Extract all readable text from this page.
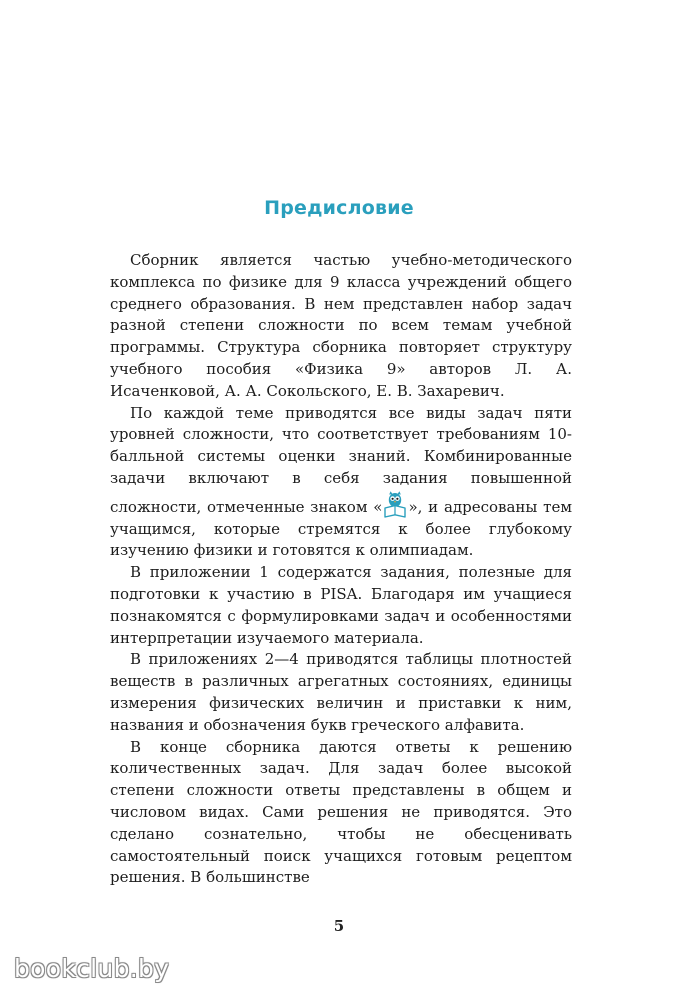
Предисловие

Сборник является частью учебно-методического комплекса по физике для 9 класса учреждений общего среднего образования. В нем представлен набор задач разной степени сложности по всем темам учебной программы. Структура сборника повторяет структуру учебного пособия «Физика 9» авторов Л. А. Исаченковой, А. А. Сокольского, Е. В. Захаревич.

По каждой теме приводятся все виды задач пяти уровней сложности, что соответствует требованиям 10-балльной системы оценки знаний. Комбинированные задачи включают в себя задания повышенной сложности, отмеченные знаком « », и адресованы тем учащимся, которые стремятся к более глубокому изучению физики и готовятся к олимпиадам.

В приложении 1 содержатся задания, полезные для подготовки к участию в PISA. Благодаря им учащиеся познакомятся с формулировками задач и особенностями интерпретации изучаемого материала.

В приложениях 2—4 приводятся таблицы плотностей веществ в различных агрегатных состояниях, единицы измерения физических величин и приставки к ним, названия и обозначения букв греческого алфавита.

В конце сборника даются ответы к решению количественных задач. Для задач более высокой степени сложности ответы представлены в общем и числовом видах. Сами решения не приводятся. Это сделано сознательно, чтобы не обесценивать самостоятельный поиск учащихся готовым рецептом решения. В большинстве

5
bookclub.by
